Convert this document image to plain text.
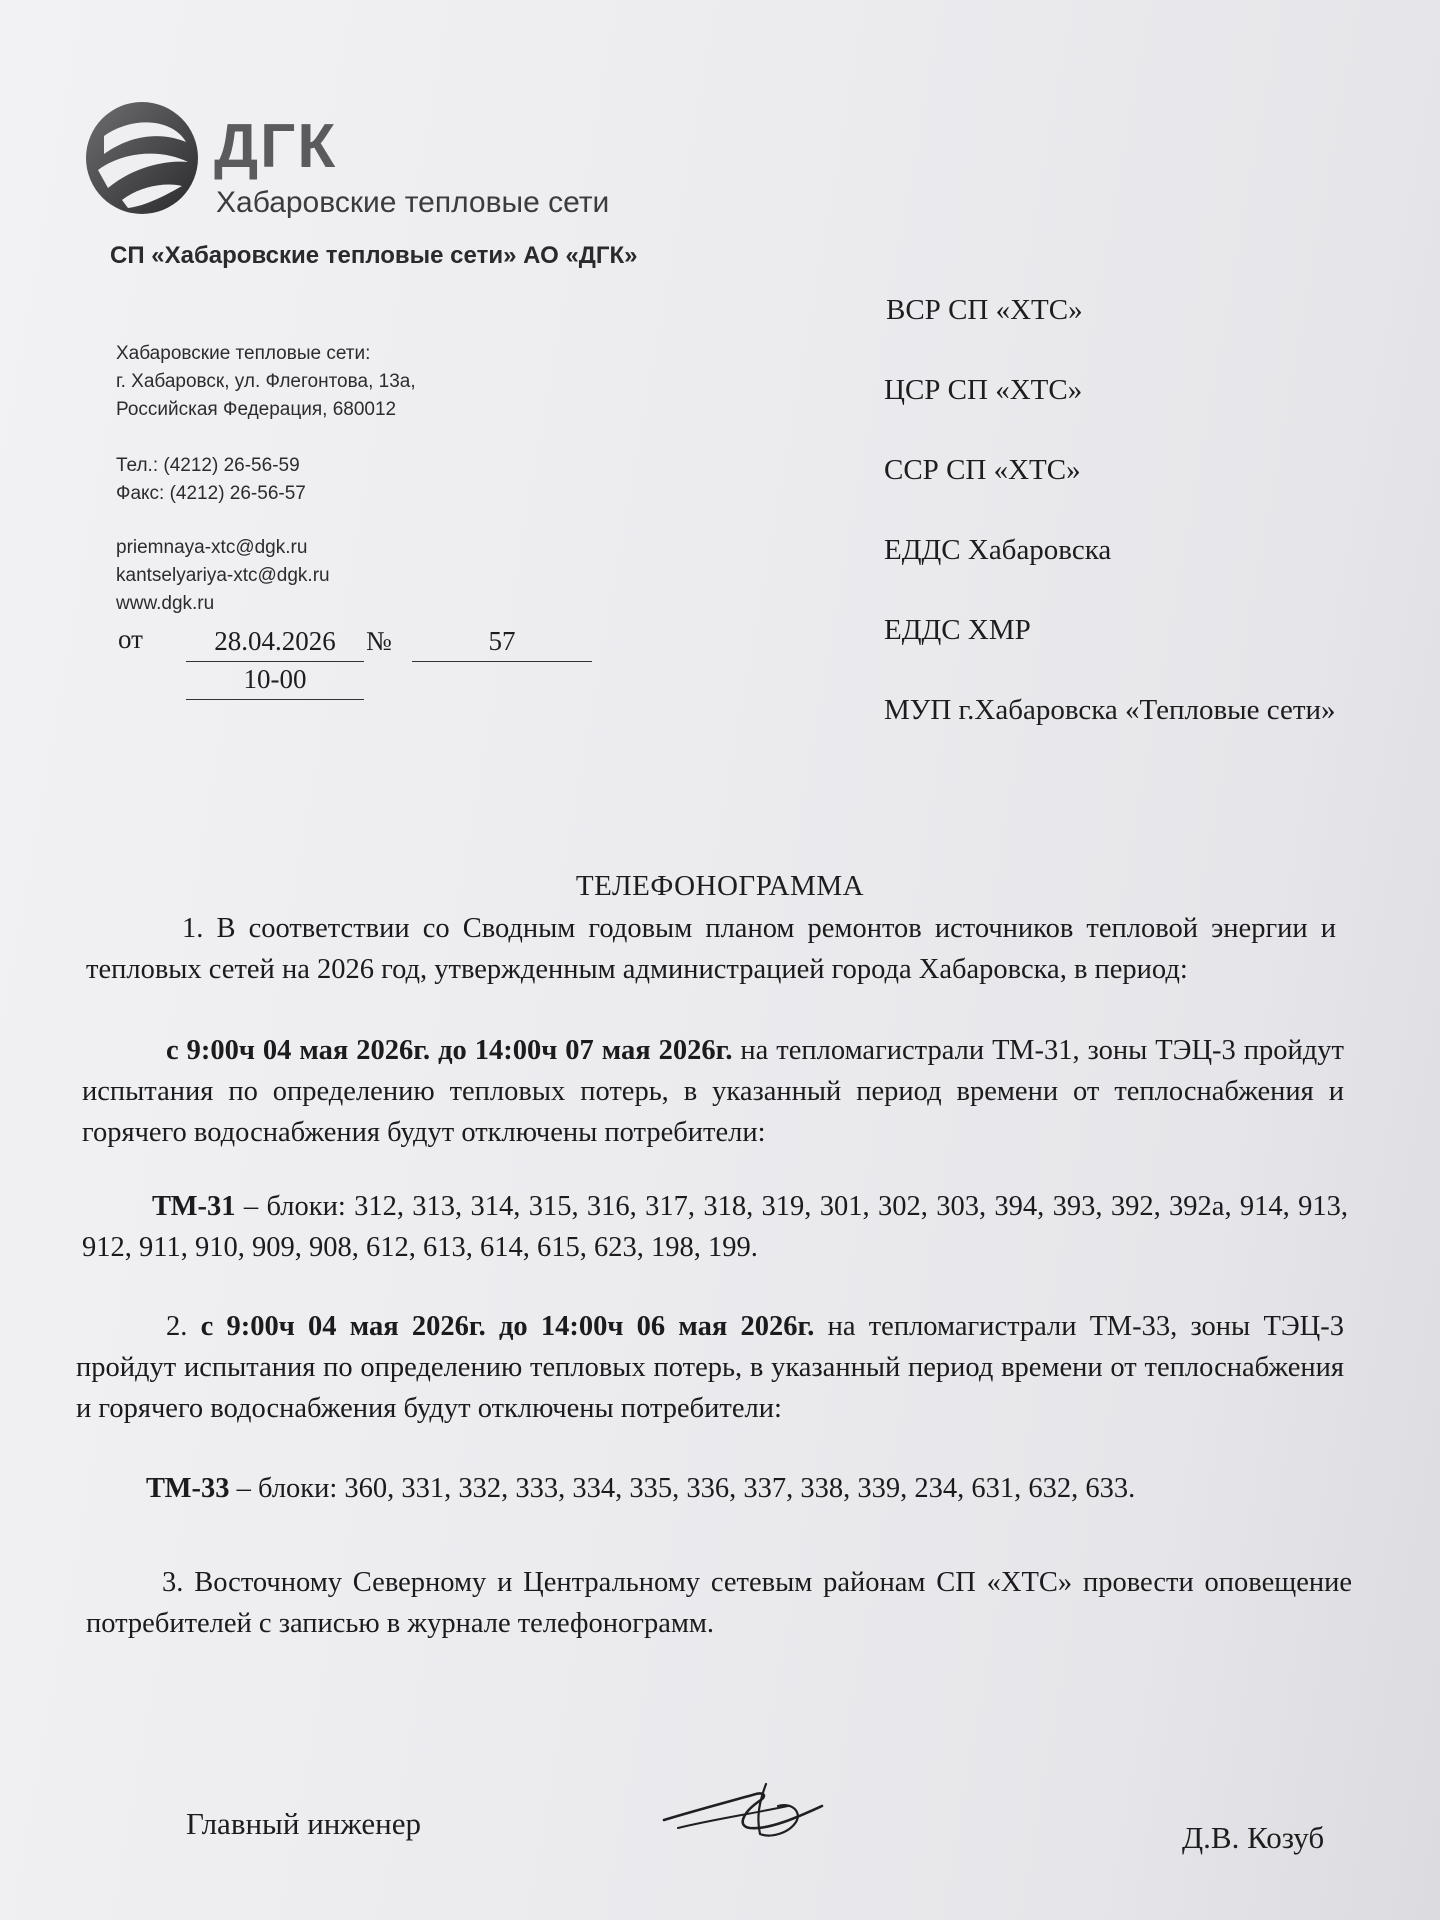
ДГК
Хабаровские тепловые сети
СП «Хабаровские тепловые сети» АО «ДГК»
Хабаровские тепловые сети:
г. Хабаровск, ул. Флегонтова, 13а,
Российская Федерация, 680012
Тел.: (4212) 26-56-59
Факс: (4212) 26-56-57
priemnaya-xtc@dgk.ru
kantselyariya-xtc@dgk.ru
www.dgk.ru
от	28.04.2026	№	57
10-00
ВСР СП «ХТС»
ЦСР СП «ХТС»
ССР СП «ХТС»
ЕДДС Хабаровска
ЕДДС ХМР
МУП г.Хабаровска «Тепловые сети»
ТЕЛЕФОНОГРАММА
1. В соответствии со Сводным годовым планом ремонтов источников тепловой энергии и тепловых сетей на 2026 год, утвержденным администрацией города Хабаровска, в период:
с 9:00ч 04 мая 2026г. до 14:00ч 07 мая 2026г. на тепломагистрали ТМ-31, зоны ТЭЦ-3 пройдут испытания по определению тепловых потерь, в указанный период времени от теплоснабжения и горячего водоснабжения будут отключены потребители:
ТМ-31 – блоки: 312, 313, 314, 315, 316, 317, 318, 319, 301, 302, 303, 394, 393, 392, 392а, 914, 913, 912, 911, 910, 909, 908, 612, 613, 614, 615, 623, 198, 199.
2. с 9:00ч 04 мая 2026г. до 14:00ч 06 мая 2026г. на тепломагистрали ТМ-33, зоны ТЭЦ-3 пройдут испытания по определению тепловых потерь, в указанный период времени от теплоснабжения и горячего водоснабжения будут отключены потребители:
ТМ-33 – блоки: 360, 331, 332, 333, 334, 335, 336, 337, 338, 339, 234, 631, 632, 633.
3. Восточному Северному и Центральному сетевым районам СП «ХТС» провести оповещение потребителей с записью в журнале телефонограмм.
Главный инженер	Д.В. Козуб
